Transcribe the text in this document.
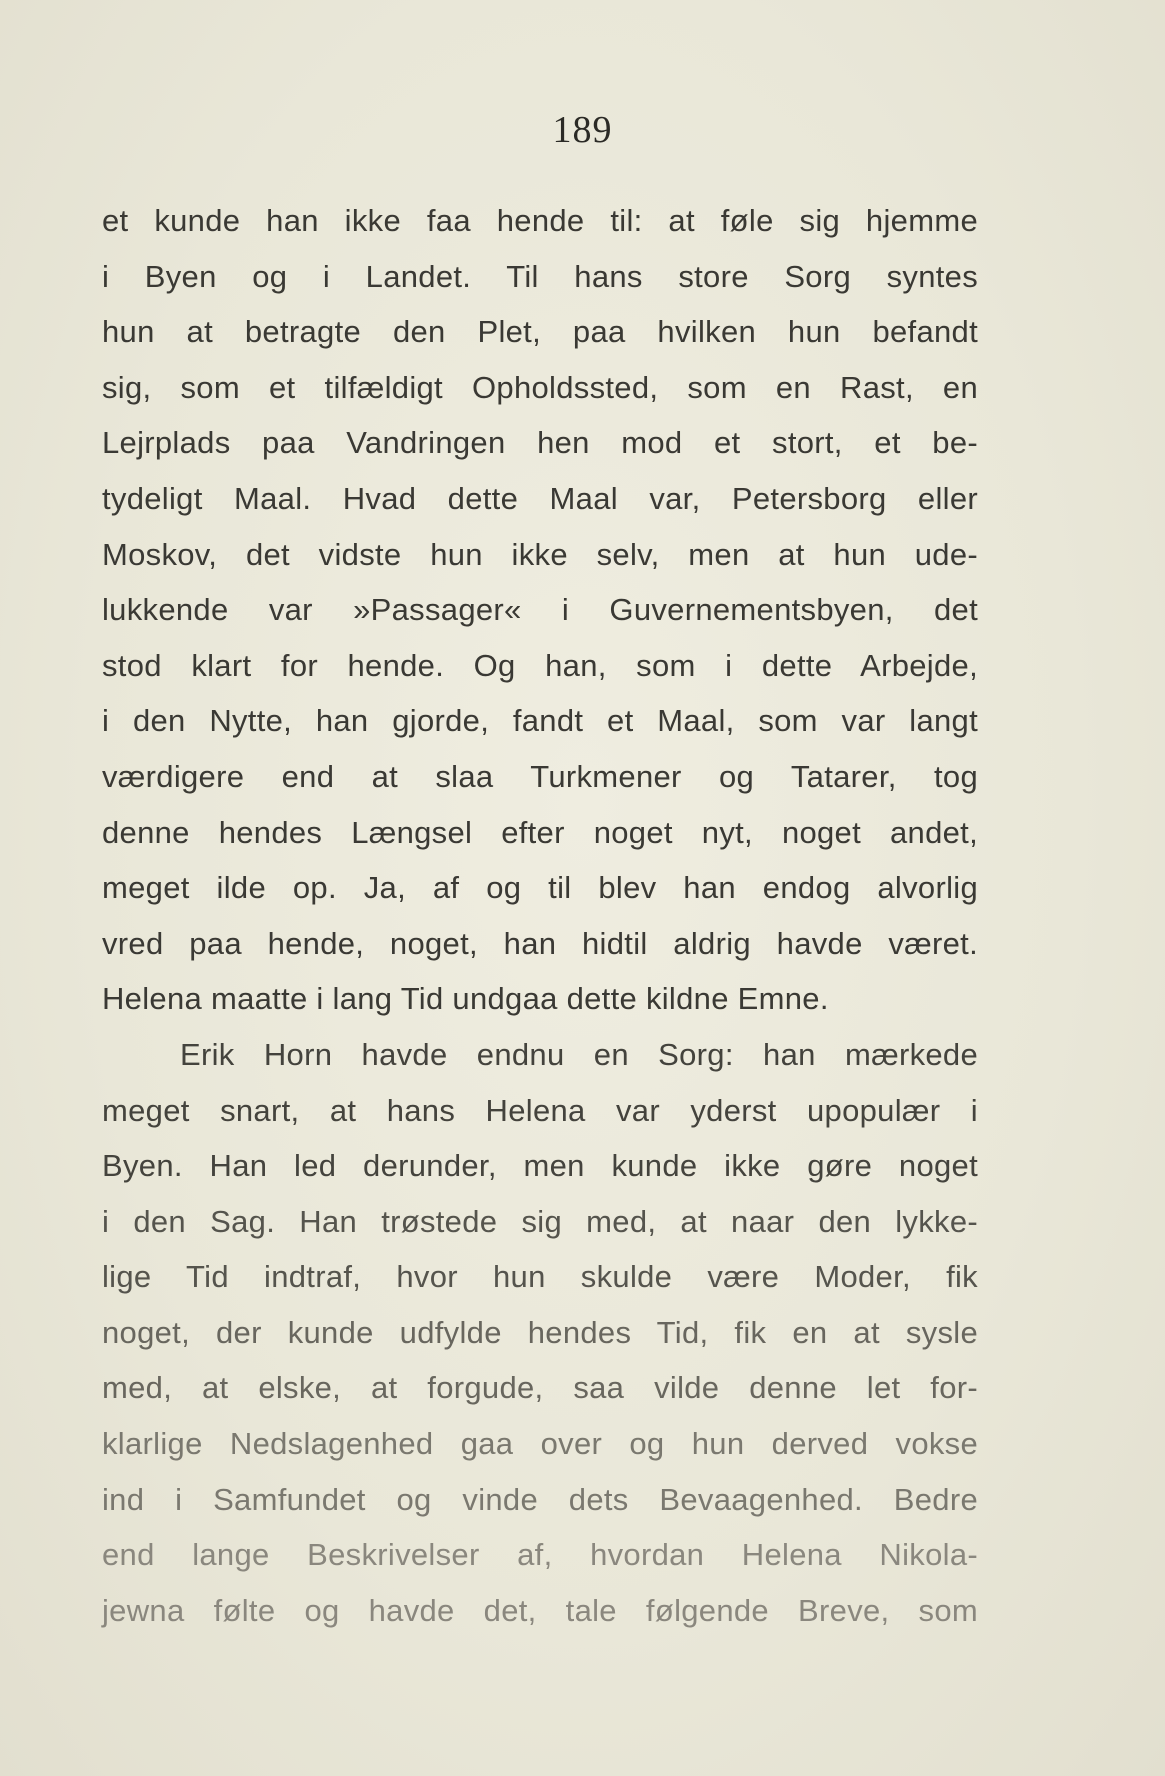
189
et kunde han ikke faa hende til: at føle sig hjemme
i Byen og i Landet. Til hans store Sorg syntes
hun at betragte den Plet, paa hvilken hun befandt
sig, som et tilfældigt Opholdssted, som en Rast, en
Lejrplads paa Vandringen hen mod et stort, et be-
tydeligt Maal. Hvad dette Maal var, Petersborg eller
Moskov, det vidste hun ikke selv, men at hun ude-
lukkende var »Passager« i Guvernementsbyen, det
stod klart for hende. Og han, som i dette Arbejde,
i den Nytte, han gjorde, fandt et Maal, som var langt
værdigere end at slaa Turkmener og Tatarer, tog
denne hendes Længsel efter noget nyt, noget andet,
meget ilde op. Ja, af og til blev han endog alvorlig
vred paa hende, noget, han hidtil aldrig havde været.
Helena maatte i lang Tid undgaa dette kildne Emne.
Erik Horn havde endnu en Sorg: han mærkede
meget snart, at hans Helena var yderst upopulær i
Byen. Han led derunder, men kunde ikke gøre noget
i den Sag. Han trøstede sig med, at naar den lykke-
lige Tid indtraf, hvor hun skulde være Moder, fik
noget, der kunde udfylde hendes Tid, fik en at sysle
med, at elske, at forgude, saa vilde denne let for-
klarlige Nedslagenhed gaa over og hun derved vokse
ind i Samfundet og vinde dets Bevaagenhed. Bedre
end lange Beskrivelser af, hvordan Helena Nikola-
jewna følte og havde det, tale følgende Breve, som
